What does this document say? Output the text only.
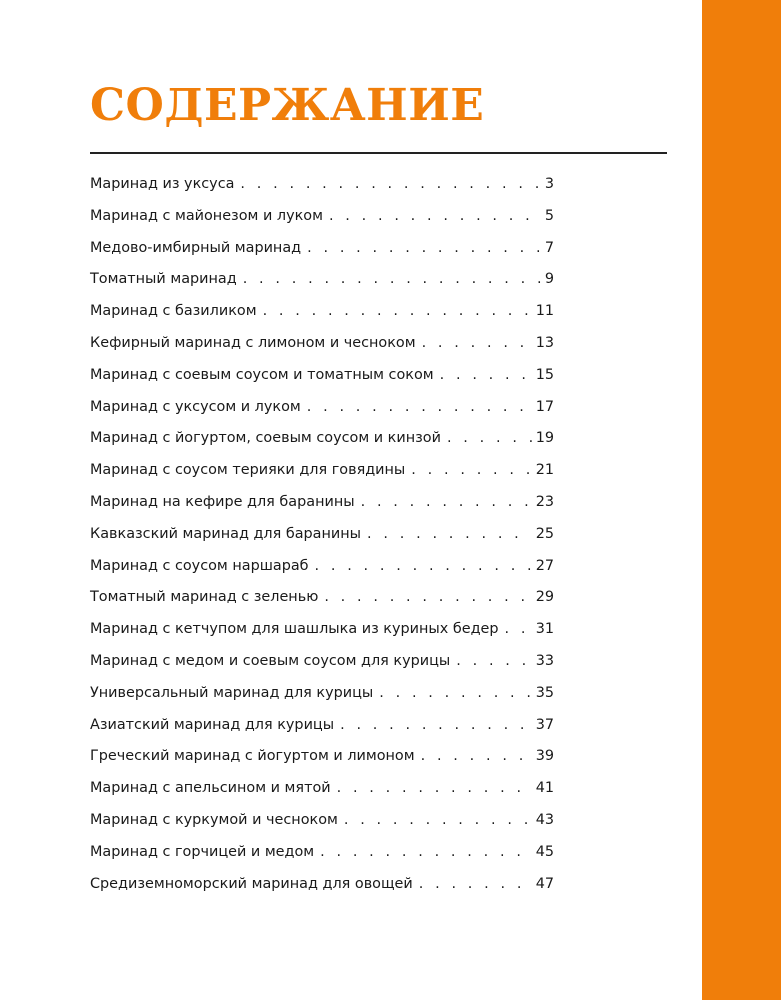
СОДЕРЖАНИЕ
Маринад из уксуса . . .	3
Маринад с майонезом и луком . . .	5
Медово-имбирный маринад . . .	7
Томатный маринад . . .	9
Маринад с базиликом . . .	11
Кефирный маринад с лимоном и чесноком . . .	13
Маринад с соевым соусом и томатным соком . . .	15
Маринад с уксусом и луком . . .	17
Маринад с йогуртом, соевым соусом и кинзой . . .	19
Маринад с соусом терияки для говядины . . .	21
Маринад на кефире для баранины . . .	23
Кавказский маринад для баранины . . .	25
Маринад с соусом наршараб . . .	27
Томатный маринад с зеленью . . .	29
Маринад с кетчупом для шашлыка из куриных бедер . . .	31
Маринад с медом и соевым соусом для курицы . . .	33
Универсальный маринад для курицы . . .	35
Азиатский маринад для курицы . . .	37
Греческий маринад с йогуртом и лимоном . . .	39
Маринад с апельсином и мятой . . .	41
Маринад с куркумой и чесноком . . .	43
Маринад с горчицей и медом . . .	45
Средиземноморский маринад для овощей . . .	47
